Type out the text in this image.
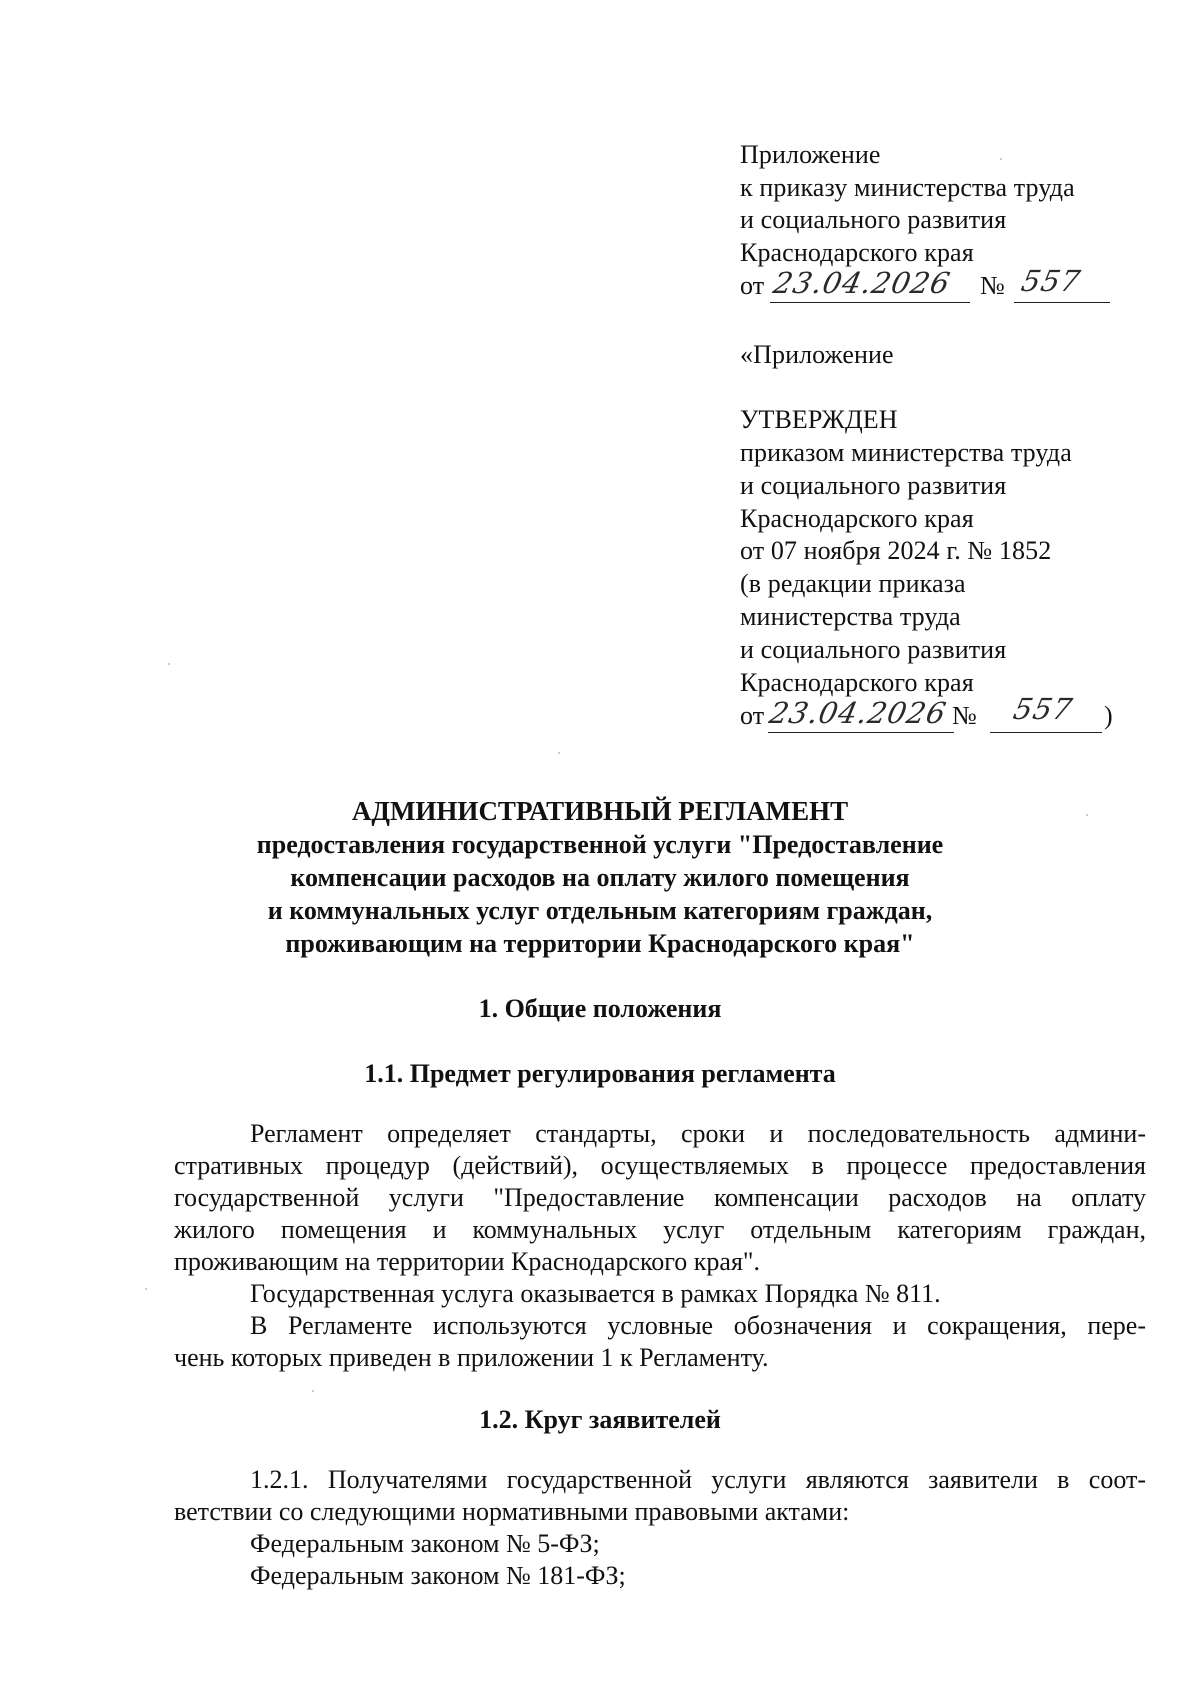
Приложение
к приказу министерства труда
и социального развития
Краснодарского края
от 23.04.2026 № 557
«Приложение
УТВЕРЖДЕН
приказом министерства труда
и социального развития
Краснодарского края
от 07 ноября 2024 г. № 1852
(в редакции приказа
министерства труда
и социального развития
Краснодарского края
от 23.04.2026 № 557 )
АДМИНИСТРАТИВНЫЙ РЕГЛАМЕНТ
предоставления государственной услуги "Предоставление
компенсации расходов на оплату жилого помещения
и коммунальных услуг отдельным категориям граждан,
проживающим на территории Краснодарского края"
1. Общие положения
1.1. Предмет регулирования регламента
Регламент определяет стандарты, сроки и последовательность админи-
стративных процедур (действий), осуществляемых в процессе предоставления
государственной услуги "Предоставление компенсации расходов на оплату
жилого помещения и коммунальных услуг отдельным категориям граждан,
проживающим на территории Краснодарского края".
Государственная услуга оказывается в рамках Порядка № 811.
В Регламенте используются условные обозначения и сокращения, пере-
чень которых приведен в приложении 1 к Регламенту.
1.2. Круг заявителей
1.2.1. Получателями государственной услуги являются заявители в соот-
ветствии со следующими нормативными правовыми актами:
Федеральным законом № 5-ФЗ;
Федеральным законом № 181-ФЗ;
